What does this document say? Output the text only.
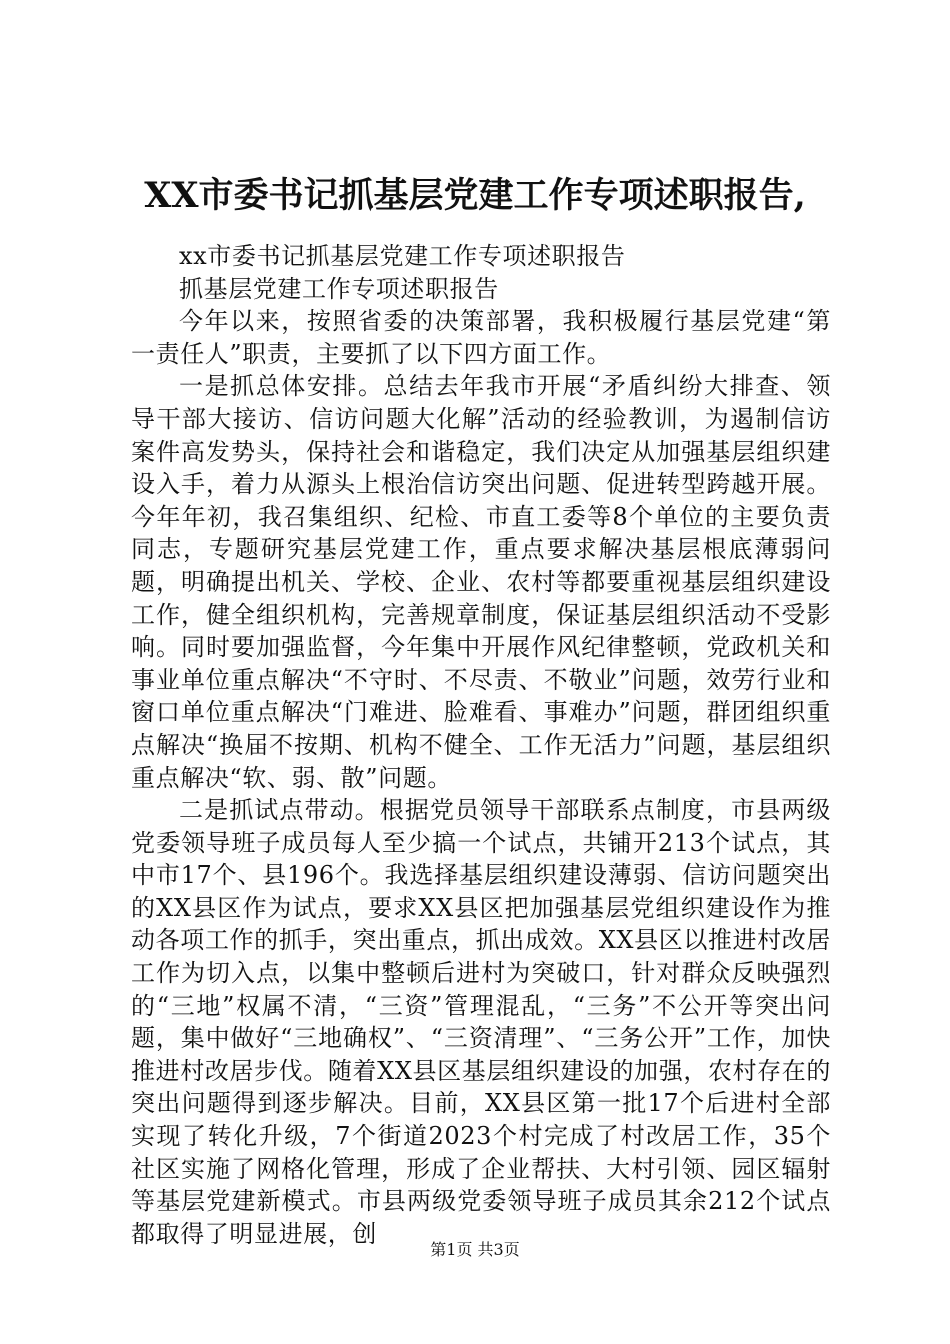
XX市委书记抓基层党建工作专项述职报告,

xx市委书记抓基层党建工作专项述职报告

抓基层党建工作专项述职报告

今年以来，按照省委的决策部署，我积极履行基层党建“第一责任人”职责，主要抓了以下四方面工作。

一是抓总体安排。总结去年我市开展“矛盾纠纷大排查、领导干部大接访、信访问题大化解”活动的经验教训，为遏制信访案件高发势头，保持社会和谐稳定，我们决定从加强基层组织建设入手，着力从源头上根治信访突出问题、促进转型跨越开展。今年年初，我召集组织、纪检、市直工委等8个单位的主要负责同志，专题研究基层党建工作，重点要求解决基层根底薄弱问题，明确提出机关、学校、企业、农村等都要重视基层组织建设工作，健全组织机构，完善规章制度，保证基层组织活动不受影响。同时要加强监督，今年集中开展作风纪律整顿，党政机关和事业单位重点解决“不守时、不尽责、不敬业”问题，效劳行业和窗口单位重点解决“门难进、脸难看、事难办”问题，群团组织重点解决“换届不按期、机构不健全、工作无活力”问题，基层组织重点解决“软、弱、散”问题。

二是抓试点带动。根据党员领导干部联系点制度，市县两级党委领导班子成员每人至少搞一个试点，共铺开213个试点，其中市17个、县196个。我选择基层组织建设薄弱、信访问题突出的XX县区作为试点，要求XX县区把加强基层党组织建设作为推动各项工作的抓手，突出重点，抓出成效。XX县区以推进村改居工作为切入点，以集中整顿后进村为突破口，针对群众反映强烈的“三地”权属不清，“三资”管理混乱，“三务”不公开等突出问题，集中做好“三地确权”、“三资清理”、“三务公开”工作，加快推进村改居步伐。随着XX县区基层组织建设的加强，农村存在的突出问题得到逐步解决。目前，XX县区第一批17个后进村全部实现了转化升级，7个街道2023个村完成了村改居工作，35个社区实施了网格化管理，形成了企业帮扶、大村引领、园区辐射等基层党建新模式。市县两级党委领导班子成员其余212个试点都取得了明显进展，创

第1页 共3页
